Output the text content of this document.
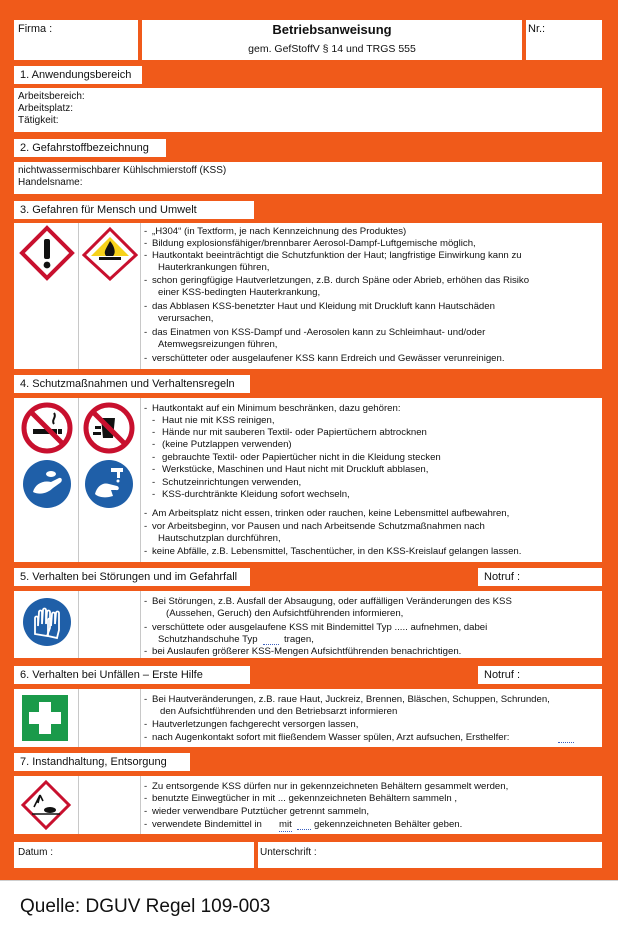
Firma :	Betriebsanweisung
gem. GefStoffV § 14 und TRGS 555
Nr.:
1. Anwendungsbereich
Arbeitsbereich:
Arbeitsplatz:
Tätigkeit:
2. Gefahrstoffbezeichnung
nichtwassermischbarer Kühlschmierstoff (KSS)
Handelsname:
3. Gefahren für Mensch und Umwelt
- „H304“ (in Textform, je nach Kennzeichnung des Produktes)
- Bildung explosionsfähiger/brennbarer Aerosol-Dampf-Luftgemische möglich,
- Hautkontakt beeinträchtigt die Schutzfunktion der Haut; langfristige Einwirkung kann zu
Hauterkrankungen führen,
- schon geringfügige Hautverletzungen, z.B. durch Späne oder Abrieb, erhöhen das Risiko
einer KSS-bedingten Hauterkrankung,
- das Abblasen KSS-benetzter Haut und Kleidung mit Druckluft kann Hautschäden
verursachen,
- das Einatmen von KSS-Dampf und -Aerosolen kann zu Schleimhaut- und/oder
Atemwegsreizungen führen,
- verschütteter oder ausgelaufener KSS kann Erdreich und Gewässer verunreinigen.
4. Schutzmaßnahmen und Verhaltensregeln
- Hautkontakt auf ein Minimum beschränken, dazu gehören:
- Haut nie mit KSS reinigen,
- Hände nur mit sauberen Textil- oder Papiertüchern abtrocknen
- (keine Putzlappen verwenden)
- gebrauchte Textil- oder Papiertücher nicht in die Kleidung stecken
- Werkstücke, Maschinen und Haut nicht mit Druckluft abblasen,
- Schutzeinrichtungen verwenden,
- KSS-durchtränkte Kleidung sofort wechseln,
- Am Arbeitsplatz nicht essen, trinken oder rauchen, keine Lebensmittel aufbewahren,
- vor Arbeitsbeginn, vor Pausen und nach Arbeitsende Schutzmaßnahmen nach
Hautschutzplan durchführen,
- keine Abfälle, z.B. Lebensmittel, Taschentücher, in den KSS-Kreislauf gelangen lassen.
5. Verhalten bei Störungen und im Gefahrfall	Notruf :
- Bei Störungen, z.B. Ausfall der Absaugung, oder auffälligen Veränderungen des KSS
(Aussehen, Geruch) den Aufsichtführenden informieren,
- verschüttete oder ausgelaufene KSS mit Bindemittel Typ ..... aufnehmen, dabei
Schutzhandschuhe Typ	tragen,
- bei Auslaufen größerer KSS-Mengen Aufsichtführenden benachrichtigen.
6. Verhalten bei Unfällen – Erste Hilfe	Notruf :
- Bei Hautveränderungen, z.B. raue Haut, Juckreiz, Brennen, Bläschen, Schuppen, Schrunden,
den Aufsichtführenden und den Betriebsarzt informieren
- Hautverletzungen fachgerecht versorgen lassen,
- nach Augenkontakt sofort mit fließendem Wasser spülen, Arzt aufsuchen, Ersthelfer:
7. Instandhaltung, Entsorgung
- Zu entsorgende KSS dürfen nur in gekennzeichneten Behältern gesammelt werden,
- benutzte Einwegtücher in mit ... gekennzeichneten Behältern sammeln ,
- wieder verwendbare Putztücher getrennt sammeln,
- verwendete Bindemittel in mit gekennzeichneten Behälter geben.
Datum :	Unterschrift :
Quelle: DGUV Regel 109-003
